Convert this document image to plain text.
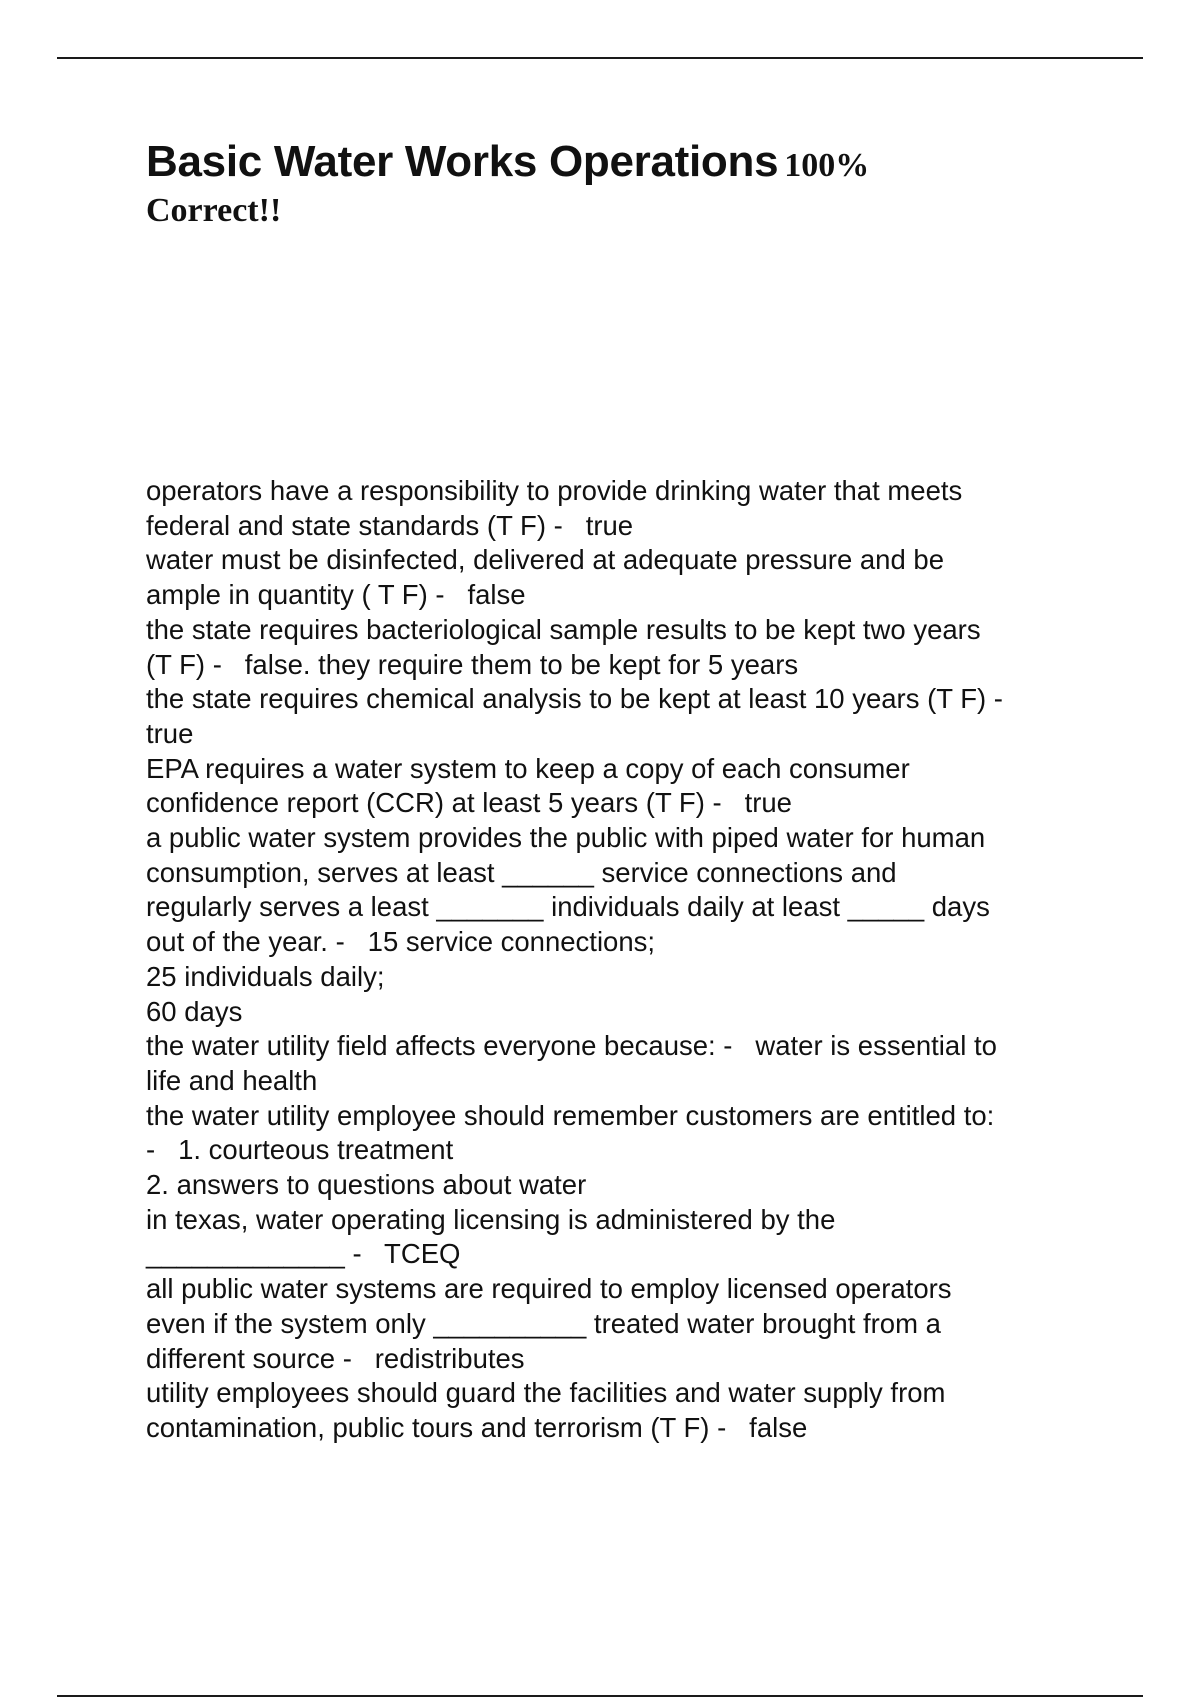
Basic Water Works Operations 100%
Correct!!
operators have a responsibility to provide drinking water that meets
federal and state standards (T F) -   true
water must be disinfected, delivered at adequate pressure and be
ample in quantity ( T F) -   false
the state requires bacteriological sample results to be kept two years
(T F) -   false. they require them to be kept for 5 years
the state requires chemical analysis to be kept at least 10 years (T F) -
true
EPA requires a water system to keep a copy of each consumer
confidence report (CCR) at least 5 years (T F) -   true
a public water system provides the public with piped water for human
consumption, serves at least ______ service connections and
regularly serves a least _______ individuals daily at least _____ days
out of the year. -   15 service connections;
25 individuals daily;
60 days
the water utility field affects everyone because: -   water is essential to
life and health
the water utility employee should remember customers are entitled to:
-   1. courteous treatment
2. answers to questions about water
in texas, water operating licensing is administered by the
_____________ -   TCEQ
all public water systems are required to employ licensed operators
even if the system only __________ treated water brought from a
different source -   redistributes
utility employees should guard the facilities and water supply from
contamination, public tours and terrorism (T F) -   false
